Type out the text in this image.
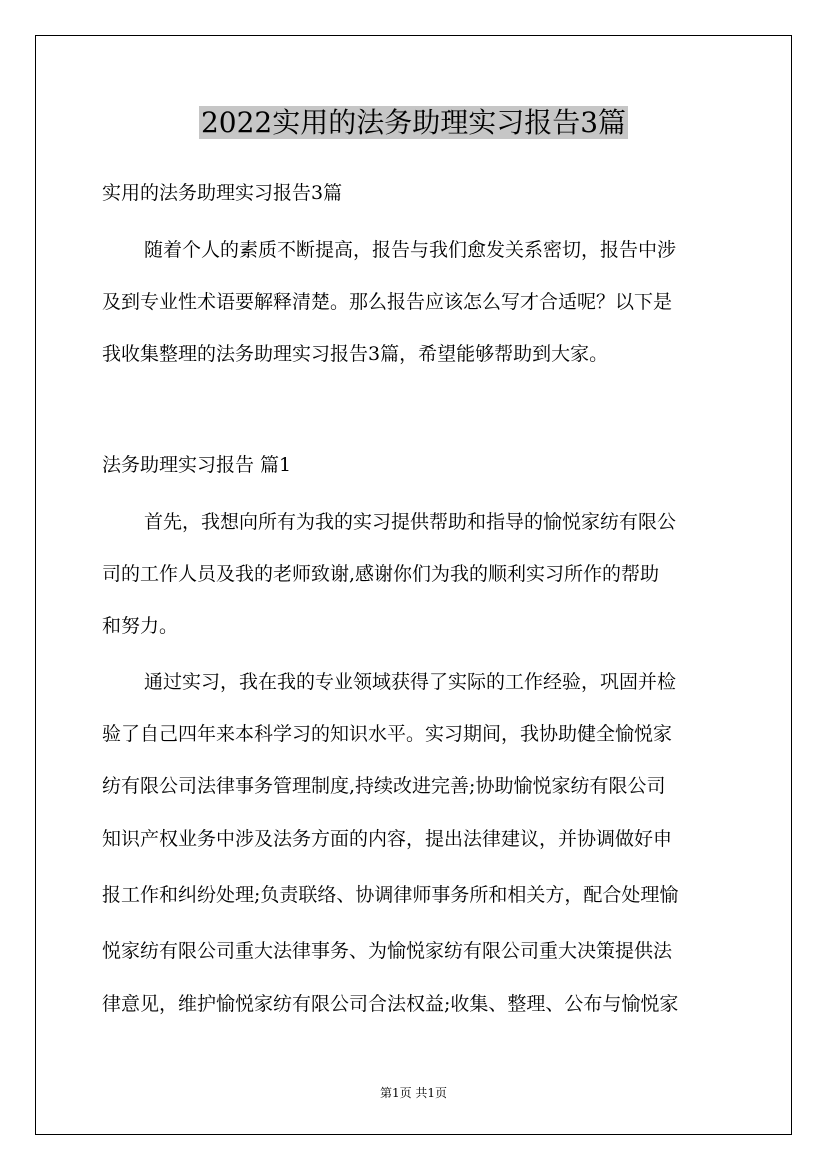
2022实用的法务助理实习报告3篇
实用的法务助理实习报告3篇
随着个人的素质不断提高，报告与我们愈发关系密切，报告中涉
及到专业性术语要解释清楚。那么报告应该怎么写才合适呢？以下是
我收集整理的法务助理实习报告3篇，希望能够帮助到大家。
法务助理实习报告 篇1
首先，我想向所有为我的实习提供帮助和指导的愉悦家纺有限公
司的工作人员及我的老师致谢,感谢你们为我的顺利实习所作的帮助
和努力。
通过实习，我在我的专业领域获得了实际的工作经验，巩固并检
验了自己四年来本科学习的知识水平。实习期间，我协助健全愉悦家
纺有限公司法律事务管理制度,持续改进完善;协助愉悦家纺有限公司
知识产权业务中涉及法务方面的内容，提出法律建议，并协调做好申
报工作和纠纷处理;负责联络、协调律师事务所和相关方，配合处理愉
悦家纺有限公司重大法律事务、为愉悦家纺有限公司重大决策提供法
律意见，维护愉悦家纺有限公司合法权益;收集、整理、公布与愉悦家
第1页 共1页
